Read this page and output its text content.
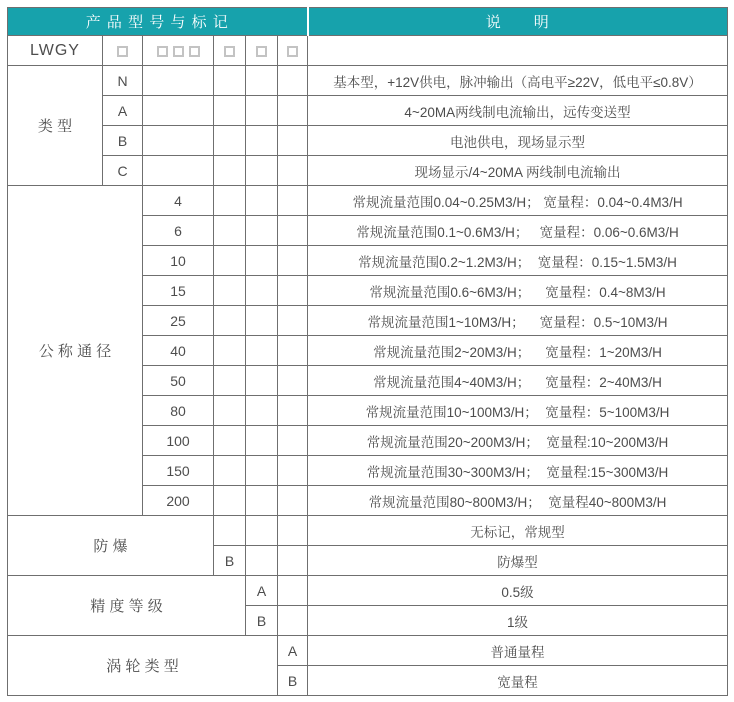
产 品 型 号 与 标 记						说　　明
LWGY						
类 型	N					基本型，+12V供电，脉冲输出（高电平≥22V，低电平≤0.8V）
	A					4~20MA两线制电流输出，远传变送型
	B					电池供电，现场显示型
	C					现场显示/4~20MA 两线制电流输出
公 称 通 径		4				常规流量范围0.04~0.25M3/H； 宽量程：0.04~0.4M3/H
		6				常规流量范围0.1~0.6M3/H；   宽量程：0.06~0.6M3/H
		10				常规流量范围0.2~1.2M3/H；  宽量程：0.15~1.5M3/H
		15				常规流量范围0.6~6M3/H；    宽量程：0.4~8M3/H
		25				常规流量范围1~10M3/H；    宽量程：0.5~10M3/H
		40				常规流量范围2~20M3/H；    宽量程：1~20M3/H
		50				常规流量范围4~40M3/H；    宽量程：2~40M3/H
		80				常规流量范围10~100M3/H；  宽量程：5~100M3/H
		100				常规流量范围20~200M3/H；  宽量程:10~200M3/H
		150				常规流量范围30~300M3/H；  宽量程:15~300M3/H
		200				常规流量范围80~800M3/H；  宽量程40~800M3/H
防 爆						无标记，常规型
			B			防爆型
精 度 等 级				A		0.5级
				B		1级
涡 轮 类 型					A	普通量程
					B	宽量程
